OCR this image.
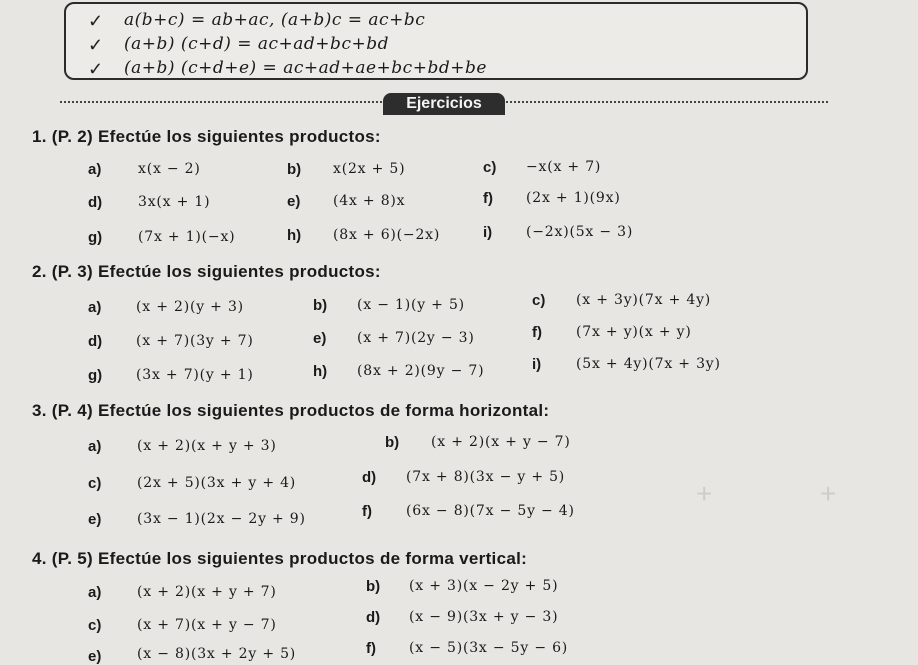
✓ a(b+c) = ab+ac, (a+b)c = ac+bc
✓ (a+b) (c+d) = ac+ad+bc+bd
✓ (a+b) (c+d+e) = ac+ad+ae+bc+bd+be
Ejercicios
+	+
1. (P. 2) Efectúe los siguientes productos:
a)	x(x − 2)	b) x(2x + 5)	c) −x(x + 7)
d)	3x(x + 1)	e) (4x + 8)x	f) (2x + 1)(9x)
g)	(7x + 1)(−x)	h) (8x + 6)(−2x)	i) (−2x)(5x − 3)
2. (P. 3) Efectúe los siguientes productos:
a) (x + 2)(y + 3)	b) (x − 1)(y + 5)	c) (x + 3y)(7x + 4y)
d) (x + 7)(3y + 7)	e) (x + 7)(2y − 3)	f) (7x + y)(x + y)
g) (3x + 7)(y + 1)	h) (8x + 2)(9y − 7)	i) (5x + 4y)(7x + 3y)
3. (P. 4) Efectúe los siguientes productos de forma horizontal:
a)	(x + 2)(x + y + 3)	b) (x + 2)(x + y − 7)
c)	(2x + 5)(3x + y + 4)	d) (7x + 8)(3x − y + 5)
e)	(3x − 1)(2x − 2y + 9)	f) (6x − 8)(7x − 5y − 4)
4. (P. 5) Efectúe los siguientes productos de forma vertical:
a)	(x + 2)(x + y + 7)	b) (x + 3)(x − 2y + 5)
c)	(x + 7)(x + y − 7)	d) (x − 9)(3x + y − 3)
e)	(x − 8)(3x + 2y + 5)	f) (x − 5)(3x − 5y − 6)
